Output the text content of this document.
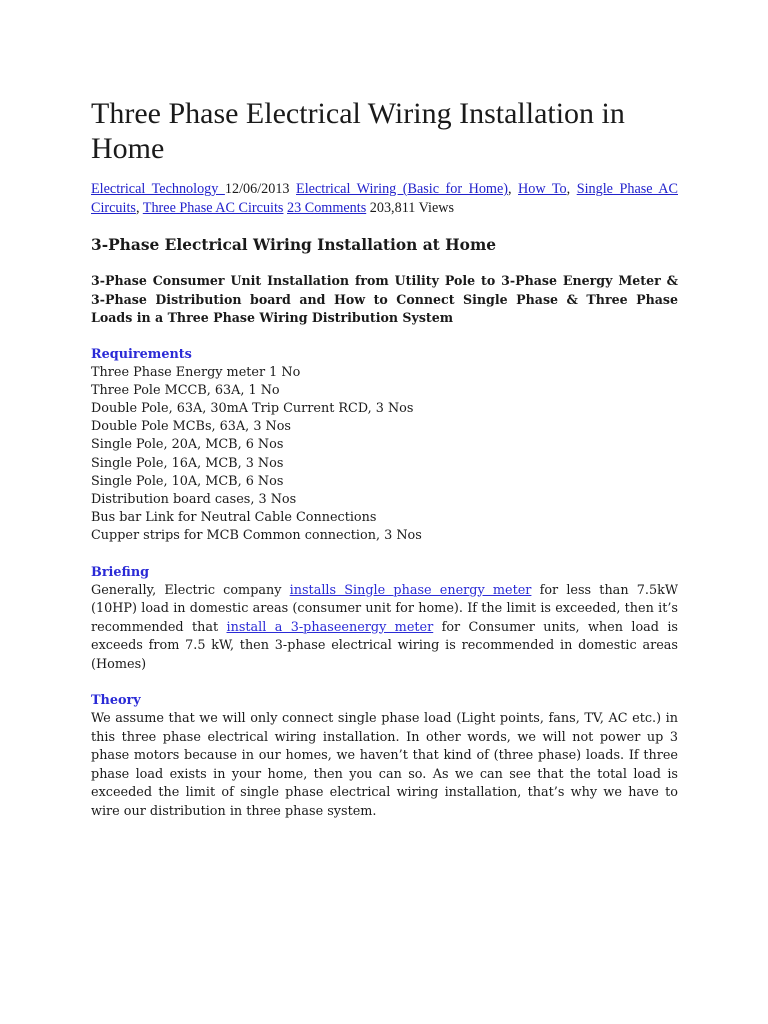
Three Phase Electrical Wiring Installation in Home
Electrical Technology 12/06/2013 Electrical Wiring (Basic for Home), How To, Single Phase AC Circuits, Three Phase AC Circuits 23 Comments 203,811 Views
3-Phase Electrical Wiring Installation at Home
3-Phase Consumer Unit Installation from Utility Pole to 3-Phase Energy Meter & 3-Phase Distribution board and How to Connect Single Phase & Three Phase Loads in a Three Phase Wiring Distribution System
Requirements
Three Phase Energy meter 1 No
Three Pole MCCB, 63A, 1 No
Double Pole, 63A, 30mA Trip Current RCD, 3 Nos
Double Pole MCBs, 63A, 3 Nos
Single Pole, 20A, MCB, 6 Nos
Single Pole, 16A, MCB, 3 Nos
Single Pole, 10A, MCB, 6 Nos
Distribution board cases, 3 Nos
Bus bar Link for Neutral Cable Connections
Cupper strips for MCB Common connection, 3 Nos
Briefing

Generally, Electric company installs Single phase energy meter for less than 7.5kW (10HP) load in domestic areas (consumer unit for home). If the limit is exceeded, then it’s recommended that install a 3-phaseenergy meter for Consumer units, when load is exceeds from 7.5 kW, then 3-phase electrical wiring is recommended in domestic areas (Homes)

Theory

We assume that we will only connect single phase load (Light points, fans, TV, AC etc.) in this three phase electrical wiring installation. In other words, we will not power up 3 phase motors because in our homes, we haven’t that kind of (three phase) loads. If three phase load exists in your home, then you can so. As we can see that the total load is exceeded the limit of single phase electrical wiring installation, that’s why we have to wire our distribution in three phase system.
